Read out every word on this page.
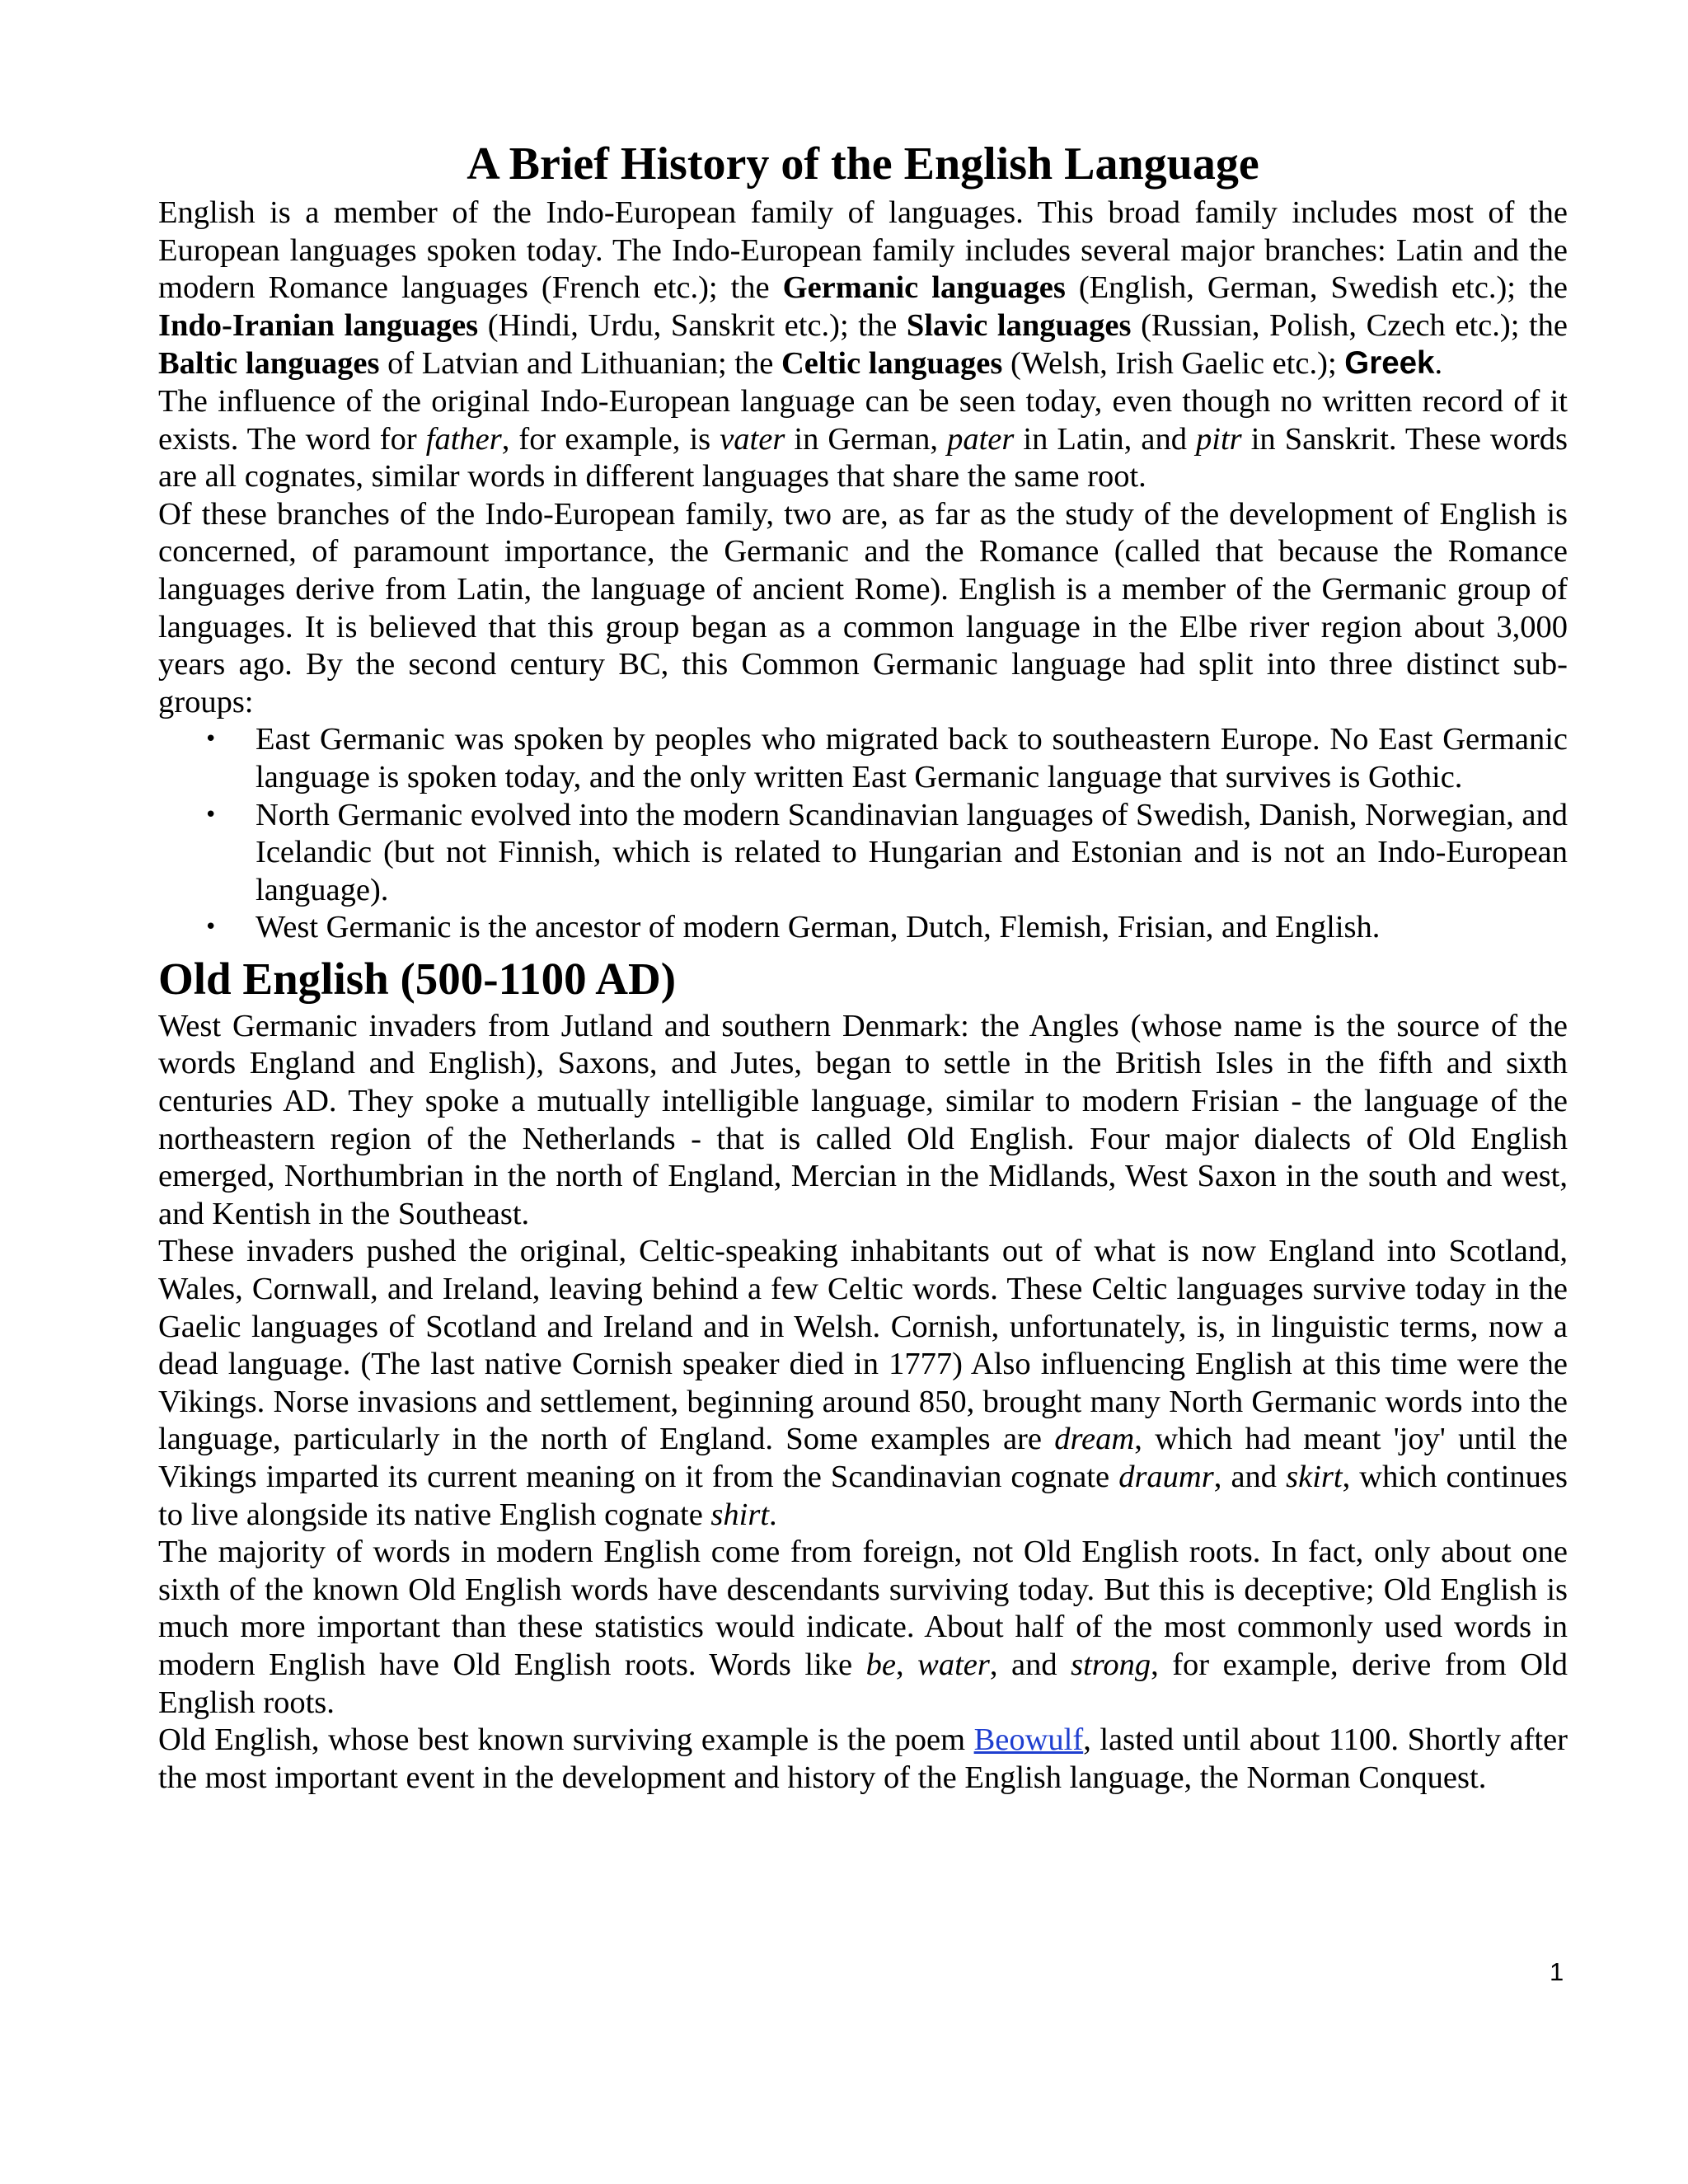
A Brief History of the English Language

English is a member of the Indo-European family of languages. This broad family includes most of the European languages spoken today. The Indo-European family includes several major branches: Latin and the modern Romance languages (French etc.); the Germanic languages (English, German, Swedish etc.); the Indo-Iranian languages (Hindi, Urdu, Sanskrit etc.); the Slavic languages (Russian, Polish, Czech etc.); the Baltic languages of Latvian and Lithuanian; the Celtic languages (Welsh, Irish Gaelic etc.); Greek.

The influence of the original Indo-European language can be seen today, even though no written record of it exists. The word for father, for example, is vater in German, pater in Latin, and pitr in Sanskrit. These words are all cognates, similar words in different languages that share the same root.

Of these branches of the Indo-European family, two are, as far as the study of the development of English is concerned, of paramount importance, the Germanic and the Romance (called that because the Romance languages derive from Latin, the language of ancient Rome). English is a member of the Germanic group of languages. It is believed that this group began as a common language in the Elbe river region about 3,000 years ago. By the second century BC, this Common Germanic language had split into three distinct sub-groups:

• East Germanic was spoken by peoples who migrated back to southeastern Europe. No East Germanic language is spoken today, and the only written East Germanic language that survives is Gothic.
• North Germanic evolved into the modern Scandinavian languages of Swedish, Danish, Norwegian, and Icelandic (but not Finnish, which is related to Hungarian and Estonian and is not an Indo-European language).
• West Germanic is the ancestor of modern German, Dutch, Flemish, Frisian, and English.
Old English (500-1100 AD)

West Germanic invaders from Jutland and southern Denmark: the Angles (whose name is the source of the words England and English), Saxons, and Jutes, began to settle in the British Isles in the fifth and sixth centuries AD. They spoke a mutually intelligible language, similar to modern Frisian - the language of the northeastern region of the Netherlands - that is called Old English. Four major dialects of Old English emerged, Northumbrian in the north of England, Mercian in the Midlands, West Saxon in the south and west, and Kentish in the Southeast.

These invaders pushed the original, Celtic-speaking inhabitants out of what is now England into Scotland, Wales, Cornwall, and Ireland, leaving behind a few Celtic words. These Celtic languages survive today in the Gaelic languages of Scotland and Ireland and in Welsh. Cornish, unfortunately, is, in linguistic terms, now a dead language. (The last native Cornish speaker died in 1777) Also influencing English at this time were the Vikings. Norse invasions and settlement, beginning around 850, brought many North Germanic words into the language, particularly in the north of England. Some examples are dream, which had meant 'joy' until the Vikings imparted its current meaning on it from the Scandinavian cognate draumr, and skirt, which continues to live alongside its native English cognate shirt.

The majority of words in modern English come from foreign, not Old English roots. In fact, only about one sixth of the known Old English words have descendants surviving today. But this is deceptive; Old English is much more important than these statistics would indicate. About half of the most commonly used words in modern English have Old English roots. Words like be, water, and strong, for example, derive from Old English roots.

Old English, whose best known surviving example is the poem Beowulf, lasted until about 1100. Shortly after the most important event in the development and history of the English language, the Norman Conquest.

1
